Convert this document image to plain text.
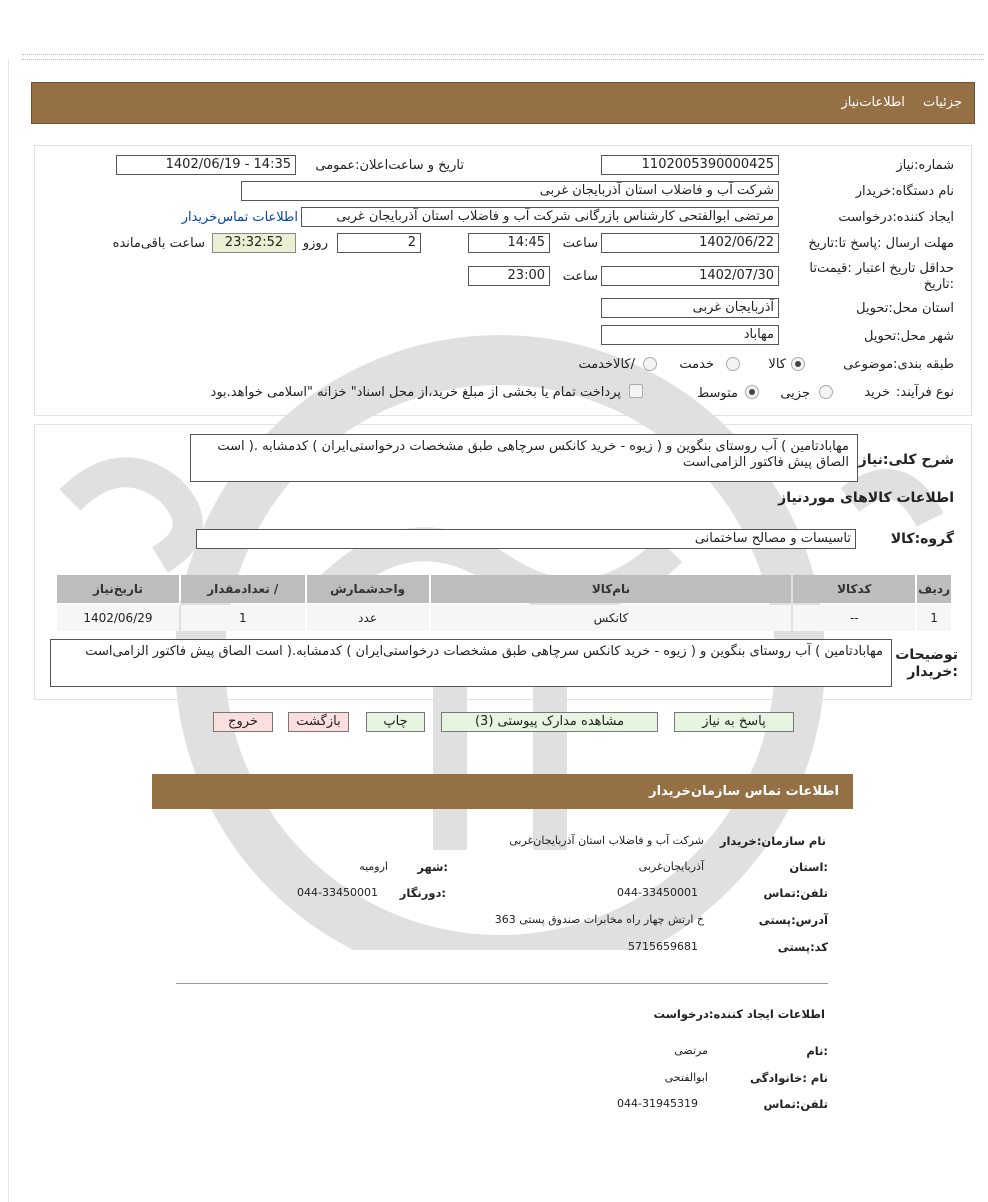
جزئیات اطلاعات‌نیاز
شماره:نیاز
1102005390000425
تاریخ و ساعت‌اعلان:عمومی
1402/06/19 - 14:35
نام دستگاه:خریدار
شرکت آب و فاضلاب استان آذربایجان غربی
ایجاد کننده:درخواست
مرتضی ابوالفتحی کارشناس بازرگانی شرکت آب و فاضلاب استان آذربایجان غربی
اطلاعات تماس‌خریدار
مهلت ارسال :پاسخ تا:تاریخ
1402/06/22
ساعت
14:45
2
روزو
23:32:52
ساعت باقی‌مانده
حداقل تاریخ اعتبار :قیمت‌تا :تاریخ
1402/07/30
ساعت
23:00
استان محل:تحویل
آذربایجان غربی
شهر محل:تحویل
مهاباد
طبقه بندی:موضوعی
کالا
خدمت
/کالاخدمت
نوع فرآیند:
خرید
جزیی
متوسط
پرداخت تمام یا بخشی از مبلغ خرید،از محل اسناد" خزانه "اسلامی خواهد.بود
شرح کلی:نیاز
مهاباد‌تامین ) آب روستای بنگوین و ( زیوه - خرید کانکس سرچاهی طبق مشخصات درخواستی‌ایران ) کدمشابه .( است الصاق پیش فاکتور الزامی‌است
اطلاعات کالاهای مورد‌نیاز
گروه:کالا
تاسیسات و مصالح ساختمانی
ردیف	کدکالا	نام‌کالا	واحدشمارش	/ تعدادمقدار	تاریخ‌نیاز
1	--	کانکس	عدد	1	1402/06/29
توضیحات :خریدار
مهاباد‌تامین ) آب روستای بنگوین و ( زیوه - خرید کانکس سرچاهی طبق مشخصات درخواستی‌ایران ) کدمشابه.( است الصاق پیش فاکتور الزامی‌است
پاسخ به نیاز
مشاهده مدارک پیوستی (3)
چاپ
بازگشت
خروج
اطلاعات تماس سازمان‌خریدار
نام سازمان:خریدار
شرکت آب و فاضلاب استان آذربایجان‌غربی
:استان
آذربایجان‌غربی
:شهر
ارومیه
تلفن:تماس
044-33450001
:دورنگار
044-33450001
آدرس:پستی
خ ارتش چهار راه مخابرات صندوق پستی 363
کد:پستی
5715659681
اطلاعات ایجاد کننده:درخواست
:نام
مرتضی
نام :خانوادگی
ابوالفتحی
تلفن:تماس
044-31945319
